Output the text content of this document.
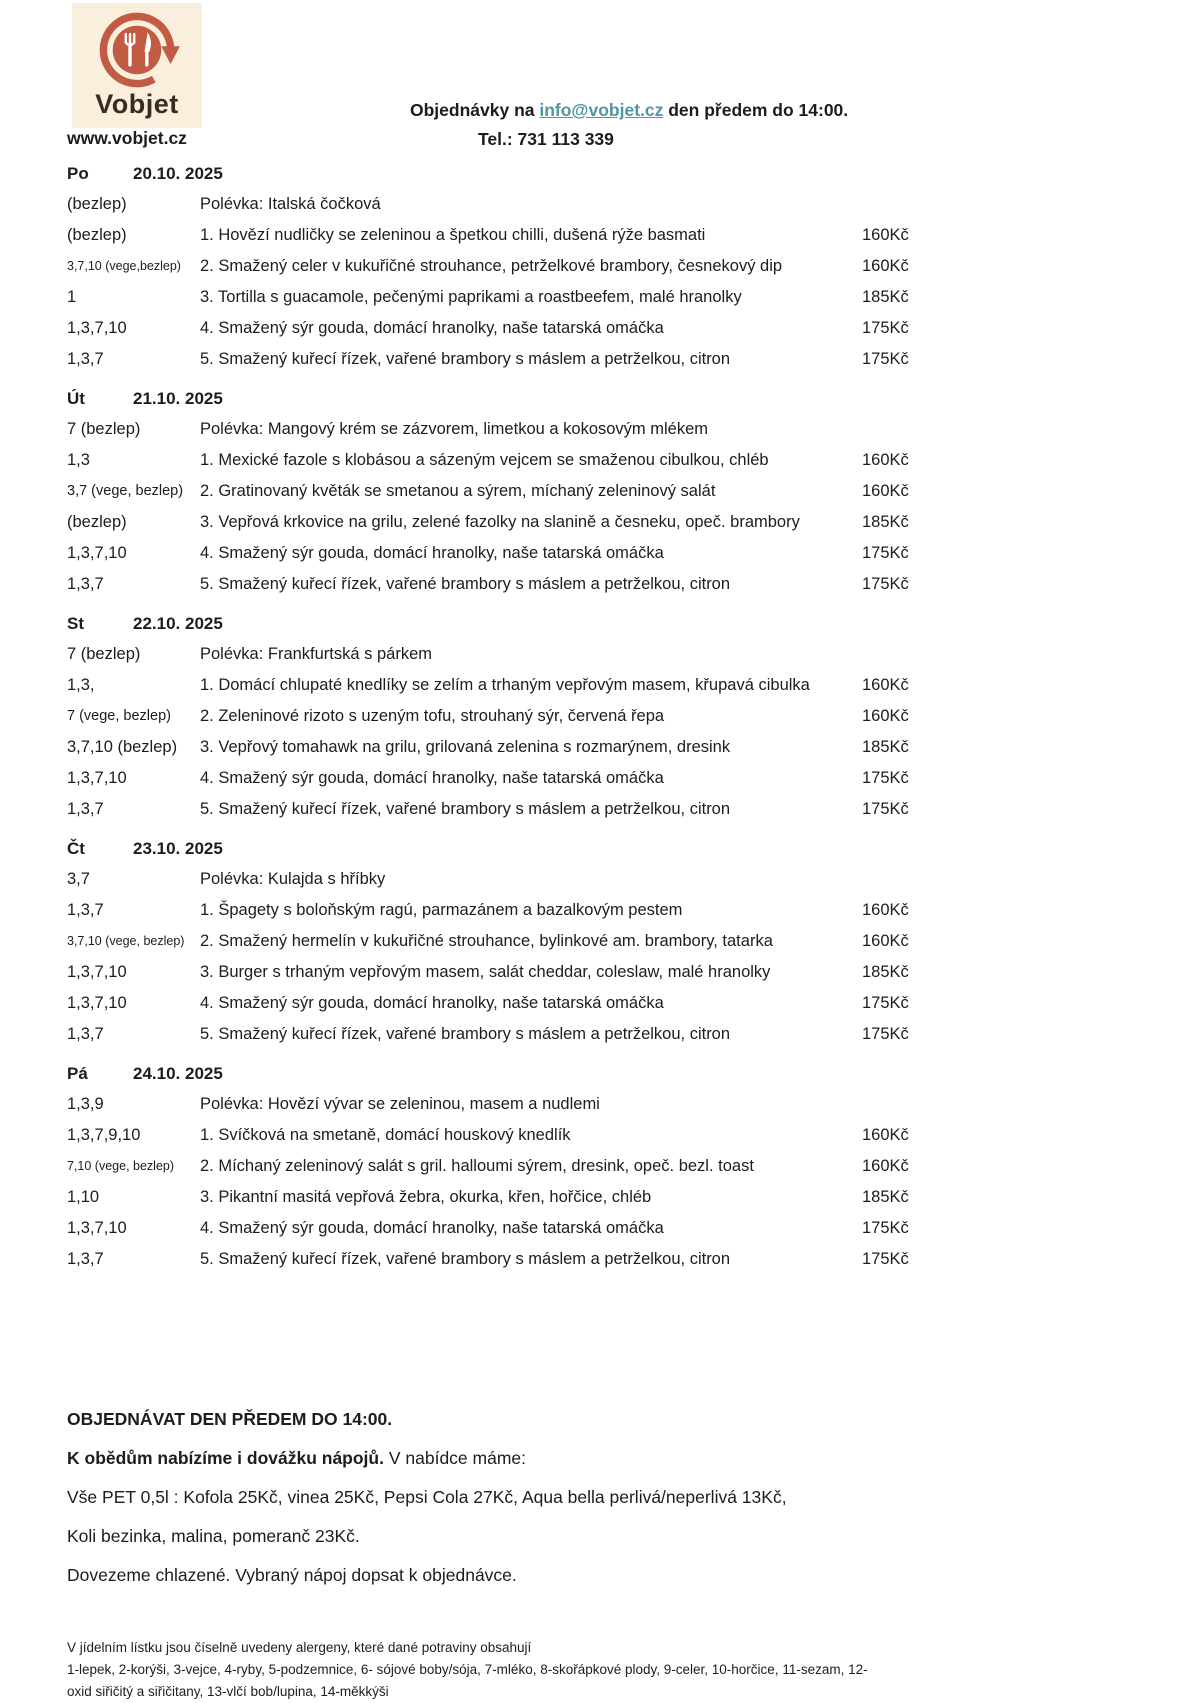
Vobjet	Objednávky na info@vobjet.cz den předem do 14:00.
www.vobjet.cz	Tel.: 731 113 339
Po	20.10. 2025
(bezlep)	Polévka: Italská čočková
(bezlep)	1. Hovězí nudličky se zeleninou a špetkou chilli, dušená rýže basmati	160Kč
3,7,10 (vege,bezlep)	2. Smažený celer v kukuřičné strouhance, petrželkové brambory, česnekový dip	160Kč
1	3. Tortilla s guacamole, pečenými paprikami a roastbeefem, malé hranolky	185Kč
1,3,7,10	4. Smažený sýr gouda, domácí hranolky, naše tatarská omáčka	175Kč
1,3,7	5. Smažený kuřecí řízek, vařené brambory s máslem a petrželkou, citron	175Kč
Út	21.10. 2025
7 (bezlep)	Polévka: Mangový krém se zázvorem, limetkou a kokosovým mlékem
1,3	1. Mexické fazole s klobásou a sázeným vejcem se smaženou cibulkou, chléb	160Kč
3,7 (vege, bezlep)	2. Gratinovaný květák se smetanou a sýrem, míchaný zeleninový salát	160Kč
(bezlep)	3. Vepřová krkovice na grilu, zelené fazolky na slanině a česneku, opeč. brambory	185Kč
1,3,7,10	4. Smažený sýr gouda, domácí hranolky, naše tatarská omáčka	175Kč
1,3,7	5. Smažený kuřecí řízek, vařené brambory s máslem a petrželkou, citron	175Kč
St	22.10. 2025
7 (bezlep)	Polévka: Frankfurtská s párkem
1,3,	1. Domácí chlupaté knedlíky se zelím a trhaným vepřovým masem, křupavá cibulka	160Kč
7 (vege, bezlep)	2. Zeleninové rizoto s uzeným tofu, strouhaný sýr, červená řepa	160Kč
3,7,10 (bezlep)	3. Vepřový tomahawk na grilu, grilovaná zelenina s rozmarýnem, dresink	185Kč
1,3,7,10	4. Smažený sýr gouda, domácí hranolky, naše tatarská omáčka	175Kč
1,3,7	5. Smažený kuřecí řízek, vařené brambory s máslem a petrželkou, citron	175Kč
Čt	23.10. 2025
3,7	Polévka: Kulajda s hříbky
1,3,7	1. Špagety s boloňským ragú, parmazánem a bazalkovým pestem	160Kč
3,7,10 (vege, bezlep) 2. Smažený hermelín v kukuřičné strouhance, bylinkové am. brambory, tatarka	160Kč
1,3,7,10	3. Burger s trhaným vepřovým masem, salát cheddar, coleslaw, malé hranolky	185Kč
1,3,7,10	4. Smažený sýr gouda, domácí hranolky, naše tatarská omáčka	175Kč
1,3,7	5. Smažený kuřecí řízek, vařené brambory s máslem a petrželkou, citron	175Kč
Pá	24.10. 2025
1,3,9	Polévka: Hovězí vývar se zeleninou, masem a nudlemi
1,3,7,9,10	1. Svíčková na smetaně, domácí houskový knedlík	160Kč
7,10 (vege, bezlep)	2. Míchaný zeleninový salát s gril. halloumi sýrem, dresink, opeč. bezl. toast	160Kč
1,10	3. Pikantní masitá vepřová žebra, okurka, křen, hořčice, chléb	185Kč
1,3,7,10	4. Smažený sýr gouda, domácí hranolky, naše tatarská omáčka	175Kč
1,3,7	5. Smažený kuřecí řízek, vařené brambory s máslem a petrželkou, citron	175Kč
OBJEDNÁVAT DEN PŘEDEM DO 14:00.
K obědům nabízíme i dovážku nápojů. V nabídce máme:
Vše PET 0,5l : Kofola 25Kč, vinea 25Kč, Pepsi Cola 27Kč, Aqua bella perlivá/neperlivá 13Kč,
Koli bezinka, malina, pomeranč 23Kč.
Dovezeme chlazené. Vybraný nápoj dopsat k objednávce.
V jídelním lístku jsou číselně uvedeny alergeny, které dané potraviny obsahují
1-lepek, 2-korýši, 3-vejce, 4-ryby, 5-podzemnice, 6- sójové boby/sója, 7-mléko, 8-skořápkové plody, 9-celer, 10-horčice, 11-sezam, 12-
oxid siřičitý a siřičitany, 13-vlčí bob/lupina, 14-měkkýši
